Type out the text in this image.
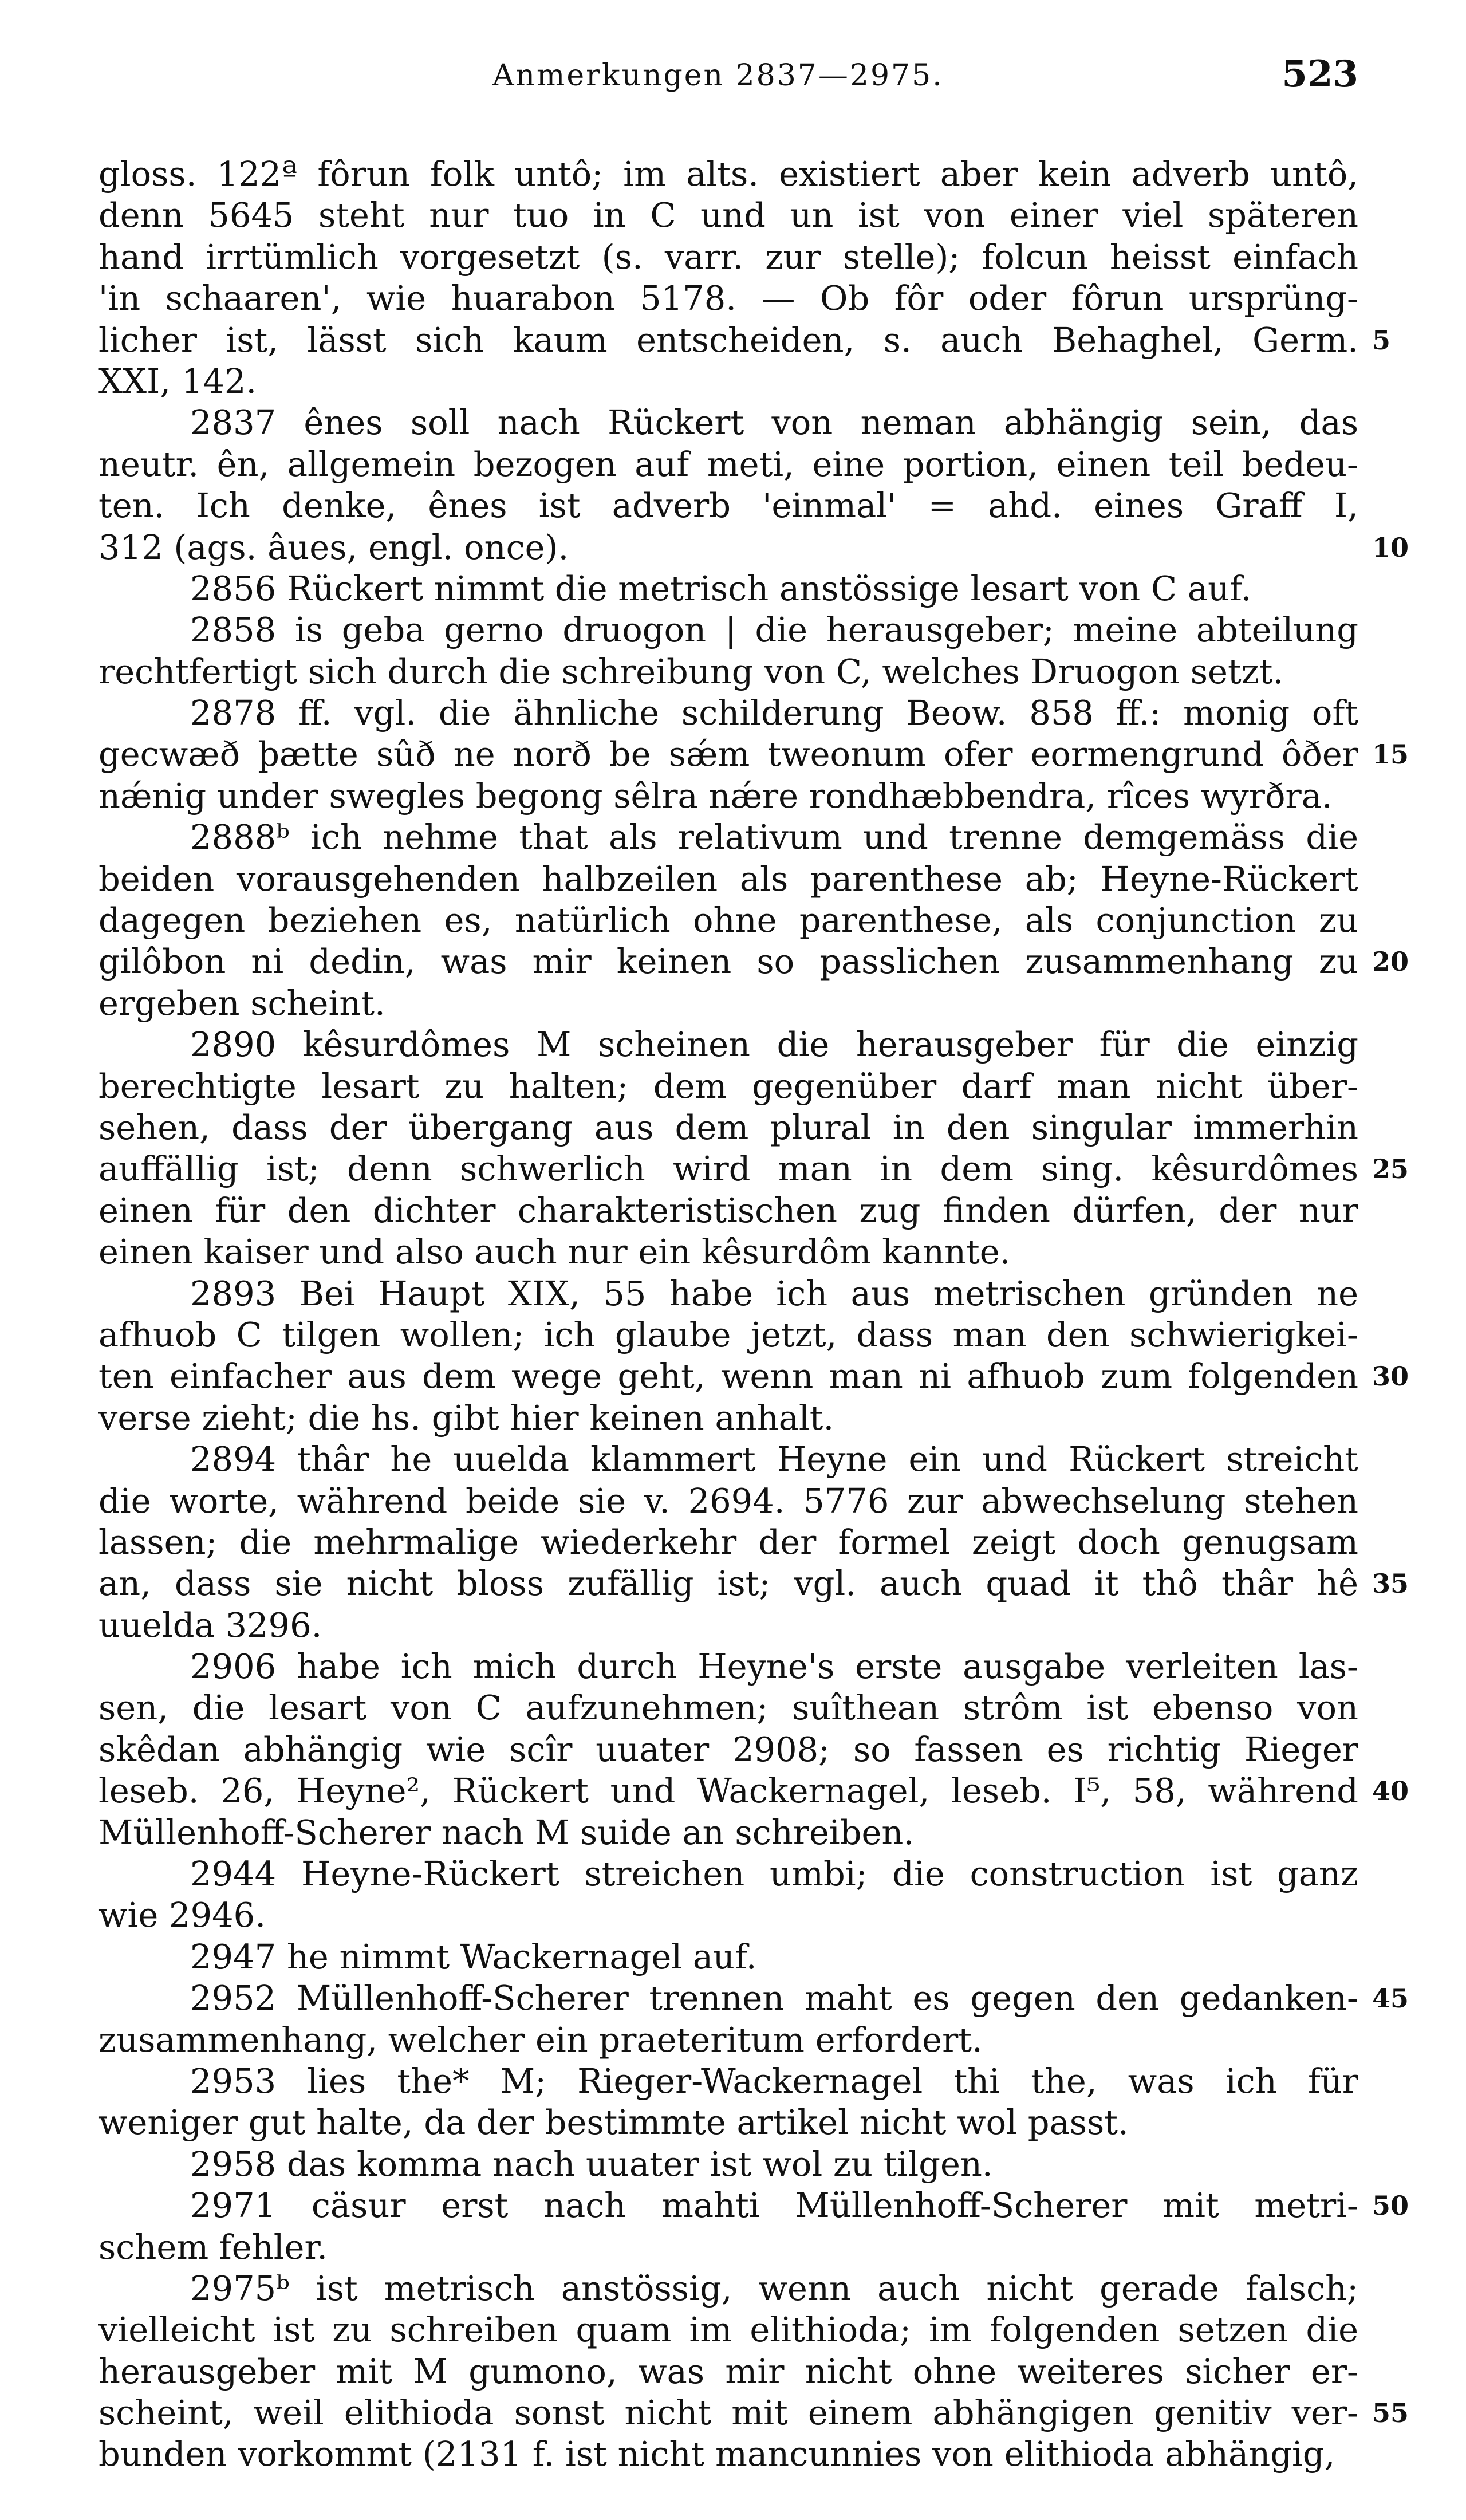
Anmerkungen 2837—2975.	523
gloss. 122ª fôrun folk untô; im alts. existiert aber kein adverb untô,
denn 5645 steht nur tuo in C und un ist von einer viel späteren
hand irrtümlich vorgesetzt (s. varr. zur stelle); folcun heisst einfach
'in schaaren', wie huarabon 5178. — Ob fôr oder fôrun ursprüng-
licher ist, lässt sich kaum entscheiden, s. auch Behaghel, Germ. 5
XXI, 142.
2837 ênes soll nach Rückert von neman abhängig sein, das
neutr. ên, allgemein bezogen auf meti, eine portion, einen teil bedeu-
ten. Ich denke, ênes ist adverb 'einmal' = ahd. eines Graff I,
312 (ags. âues, engl. once).	10
2856 Rückert nimmt die metrisch anstössige lesart von C auf.
2858 is geba gerno druogon | die herausgeber; meine abteilung
rechtfertigt sich durch die schreibung von C, welches Druogon setzt.
2878 ff. vgl. die ähnliche schilderung Beow. 858 ff.: monig oft
gecwæð þætte sûð ne norð be sǽm tweonum ofer eormengrund ôðer 15
nǽnig under swegles begong sêlra nǽre rondhæbbendra, rîces wyrðra.
2888ᵇ ich nehme that als relativum und trenne demgemäss die
beiden vorausgehenden halbzeilen als parenthese ab; Heyne-Rückert
dagegen beziehen es, natürlich ohne parenthese, als conjunction zu
gilôbon ni dedin, was mir keinen so passlichen zusammenhang zu 20
ergeben scheint.
2890 kêsurdômes M scheinen die herausgeber für die einzig
berechtigte lesart zu halten; dem gegenüber darf man nicht über-
sehen, dass der übergang aus dem plural in den singular immerhin
auffällig ist; denn schwerlich wird man in dem sing. kêsurdômes 25
einen für den dichter charakteristischen zug finden dürfen, der nur
einen kaiser und also auch nur ein kêsurdôm kannte.
2893 Bei Haupt XIX, 55 habe ich aus metrischen gründen ne
afhuob C tilgen wollen; ich glaube jetzt, dass man den schwierigkei-
ten einfacher aus dem wege geht, wenn man ni afhuob zum folgenden 30
verse zieht; die hs. gibt hier keinen anhalt.
2894 thâr he uuelda klammert Heyne ein und Rückert streicht
die worte, während beide sie v. 2694. 5776 zur abwechselung stehen
lassen; die mehrmalige wiederkehr der formel zeigt doch genugsam
an, dass sie nicht bloss zufällig ist; vgl. auch quad it thô thâr hê 35
uuelda 3296.
2906 habe ich mich durch Heyne's erste ausgabe verleiten las-
sen, die lesart von C aufzunehmen; suîthean strôm ist ebenso von
skêdan abhängig wie scîr uuater 2908; so fassen es richtig Rieger
leseb. 26, Heyne², Rückert und Wackernagel, leseb. I⁵, 58, während 40
Müllenhoff-Scherer nach M suide an schreiben.
2944 Heyne-Rückert streichen umbi; die construction ist ganz
wie 2946.
2947 he nimmt Wackernagel auf.
2952 Müllenhoff-Scherer trennen maht es gegen den gedanken- 45
zusammenhang, welcher ein praeteritum erfordert.
2953 lies the* M; Rieger-Wackernagel thi the, was ich für
weniger gut halte, da der bestimmte artikel nicht wol passt.
2958 das komma nach uuater ist wol zu tilgen.
2971 cäsur erst nach mahti Müllenhoff-Scherer mit metri- 50
schem fehler.
2975ᵇ ist metrisch anstössig, wenn auch nicht gerade falsch;
vielleicht ist zu schreiben quam im elithioda; im folgenden setzen die
herausgeber mit M gumono, was mir nicht ohne weiteres sicher er-
scheint, weil elithioda sonst nicht mit einem abhängigen genitiv ver- 55
bunden vorkommt (2131 f. ist nicht mancunnies von elithioda abhängig,
